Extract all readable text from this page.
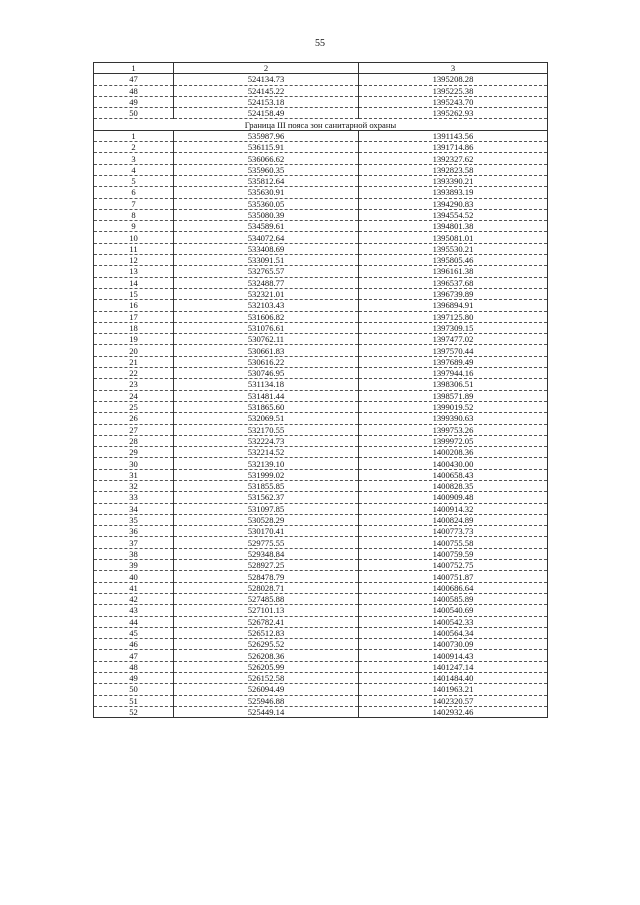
55
1	2	3
47	524134.73	1395208.28
48	524145.22	1395225.38
49	524153.18	1395243.70
50	524158.49	1395262.93
Граница III пояса зон санитарной охраны		
1	535987.96	1391143.56
2	536115.91	1391714.86
3	536066.62	1392327.62
4	535960.35	1392823.58
5	535812.64	1393390.21
6	535630.91	1393893.19
7	535360.05	1394290.83
8	535080.39	1394554.52
9	534589.61	1394801.38
10	534072.64	1395081.01
11	533408.69	1395530.21
12	533091.51	1395805.46
13	532765.57	1396161.38
14	532488.77	1396537.68
15	532321.01	1396739.89
16	532103.43	1396894.91
17	531606.82	1397125.80
18	531076.61	1397309.15
19	530762.11	1397477.02
20	530661.83	1397570.44
21	530616.22	1397689.49
22	530746.95	1397944.16
23	531134.18	1398306.51
24	531481.44	1398571.89
25	531865.60	1399019.52
26	532069.51	1399390.63
27	532170.55	1399753.26
28	532224.73	1399972.05
29	532214.52	1400208.36
30	532139.10	1400430.00
31	531999.02	1400658.43
32	531855.85	1400828.35
33	531562.37	1400909.48
34	531097.85	1400914.32
35	530528.29	1400824.89
36	530170.41	1400773.73
37	529775.55	1400755.58
38	529348.84	1400759.59
39	528927.25	1400752.75
40	528478.79	1400751.87
41	528028.71	1400686.64
42	527485.88	1400585.89
43	527101.13	1400540.69
44	526782.41	1400542.33
45	526512.83	1400564.34
46	526295.52	1400730.09
47	526208.36	1400914.43
48	526205.99	1401247.14
49	526152.58	1401484.40
50	526094.49	1401963.21
51	525946.88	1402320.57
52	525449.14	1402932.46
